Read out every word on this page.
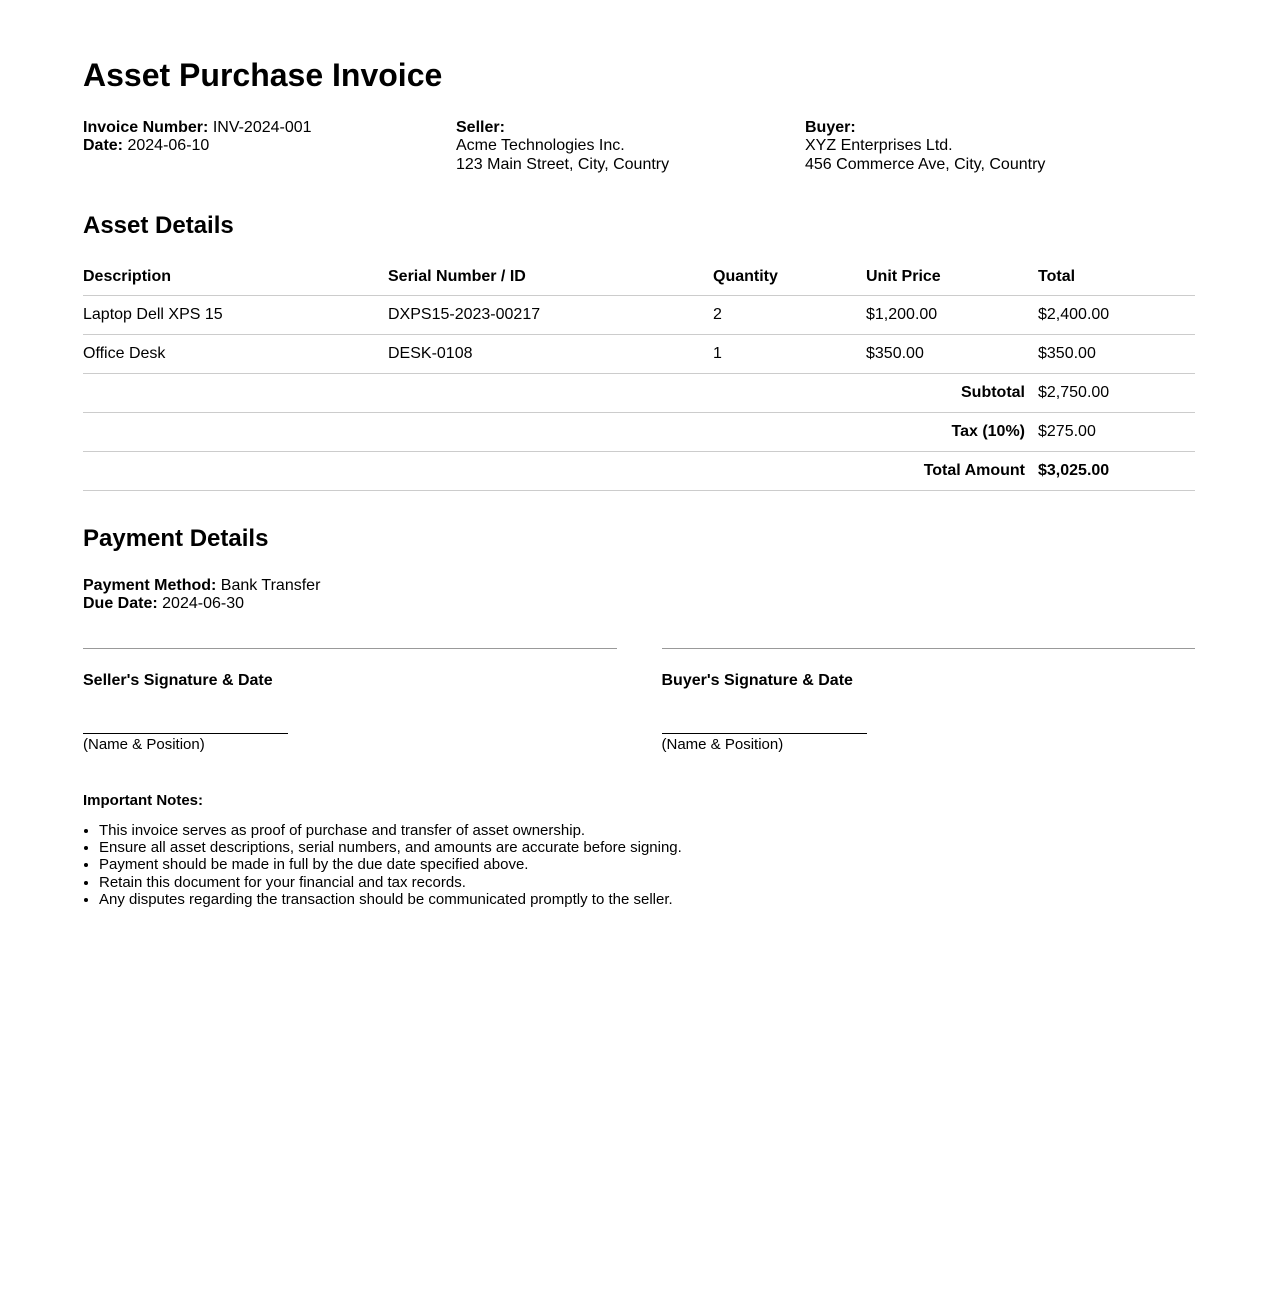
Asset Purchase Invoice
Invoice Number: INV-2024-001
Date: 2024-06-10
Seller:
Acme Technologies Inc.
123 Main Street, City, Country
Buyer:
XYZ Enterprises Ltd.
456 Commerce Ave, City, Country
Asset Details
Description	Serial Number / ID	Quantity	Unit Price	Total
Laptop Dell XPS 15	DXPS15-2023-00217	2	$1,200.00	$2,400.00
Office Desk	DESK-0108	1	$350.00	$350.00
Subtotal				$2,750.00
Tax (10%)				$275.00
Total Amount				$3,025.00
Payment Details
Payment Method: Bank Transfer
Due Date: 2024-06-30
Seller's Signature & Date
(Name & Position)
Buyer's Signature & Date
(Name & Position)
Important Notes:
• This invoice serves as proof of purchase and transfer of asset ownership.
• Ensure all asset descriptions, serial numbers, and amounts are accurate before signing.
• Payment should be made in full by the due date specified above.
• Retain this document for your financial and tax records.
• Any disputes regarding the transaction should be communicated promptly to the seller.
